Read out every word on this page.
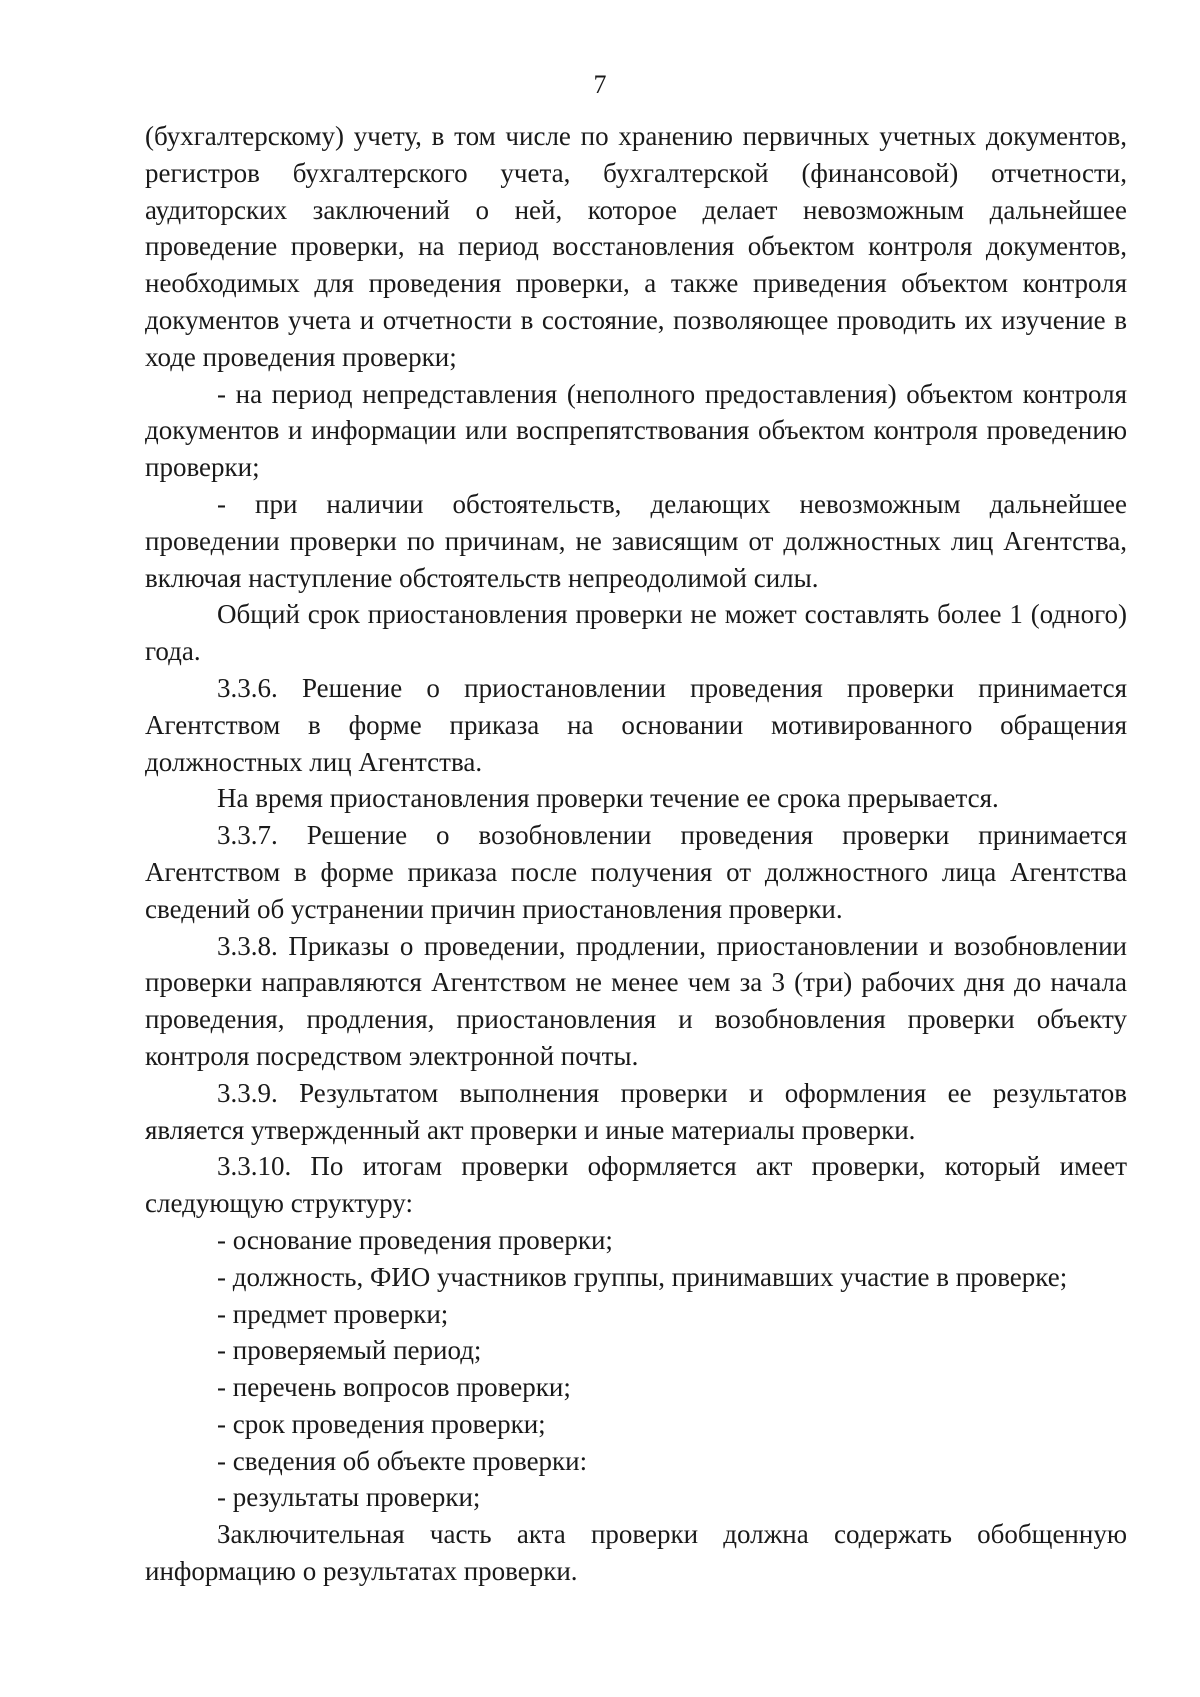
7

(бухгалтерскому) учету, в том числе по хранению первичных учетных документов, регистров бухгалтерского учета, бухгалтерской (финансовой) отчетности, аудиторских заключений о ней, которое делает невозможным дальнейшее проведение проверки, на период восстановления объектом контроля документов, необходимых для проведения проверки, а также приведения объектом контроля документов учета и отчетности в состояние, позволяющее проводить их изучение в ходе проведения проверки;

- на период непредставления (неполного предоставления) объектом контроля документов и информации или воспрепятствования объектом контроля проведению проверки;

- при наличии обстоятельств, делающих невозможным дальнейшее проведении проверки по причинам, не зависящим от должностных лиц Агентства, включая наступление обстоятельств непреодолимой силы.

Общий срок приостановления проверки не может составлять более 1 (одного) года.

3.3.6. Решение о приостановлении проведения проверки принимается Агентством в форме приказа на основании мотивированного обращения должностных лиц Агентства.

На время приостановления проверки течение ее срока прерывается.

3.3.7. Решение о возобновлении проведения проверки принимается Агентством в форме приказа после получения от должностного лица Агентства сведений об устранении причин приостановления проверки.

3.3.8. Приказы о проведении, продлении, приостановлении и возобновлении проверки направляются Агентством не менее чем за 3 (три) рабочих дня до начала проведения, продления, приостановления и возобновления проверки объекту контроля посредством электронной почты.

3.3.9. Результатом выполнения проверки и оформления ее результатов является утвержденный акт проверки и иные материалы проверки.

3.3.10. По итогам проверки оформляется акт проверки, который имеет следующую структуру:

- основание проведения проверки;

- должность, ФИО участников группы, принимавших участие в проверке;

- предмет проверки;

- проверяемый период;

- перечень вопросов проверки;

- срок проведения проверки;

- сведения об объекте проверки:

- результаты проверки;

Заключительная часть акта проверки должна содержать обобщенную информацию о результатах проверки.
